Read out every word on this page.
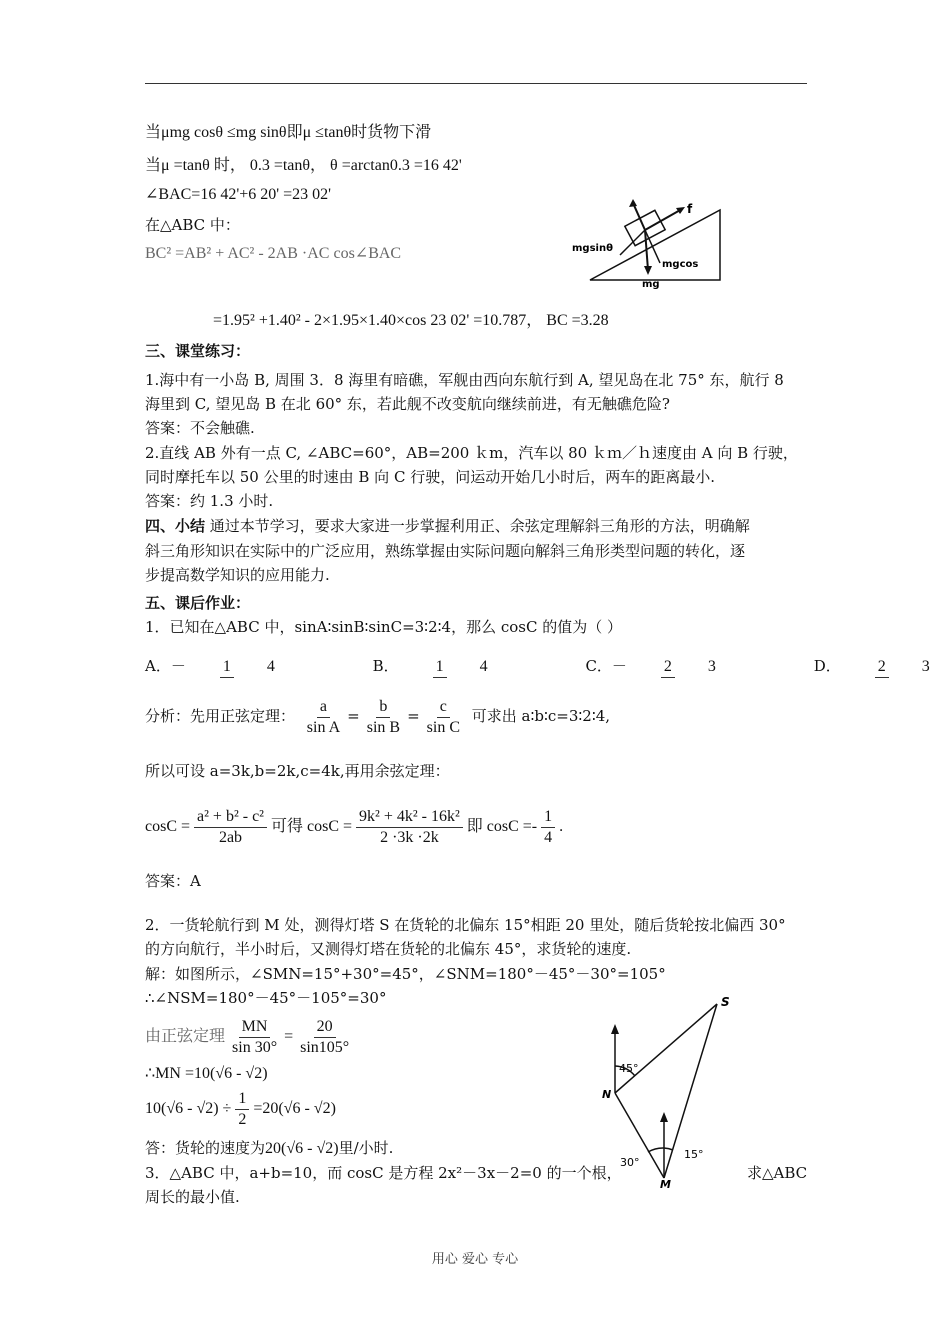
当μmg cosθ ≤mg sinθ即μ ≤tanθ时货物下滑
当μ =tanθ 时， 0.3 =tanθ， θ =arctan0.3 =16 42'
∠BAC=16 42'+6 20' =23 02'
在△ABC 中：
BC² =AB² + AC² - 2AB ·AC cos∠BAC
=1.95² +1.40² - 2×1.95×1.40×cos 23 02' =10.787， BC =3.28
f
mgsinθ
mgcos
mg
三、课堂练习：
1.海中有一小岛 B, 周围 3．8 海里有暗礁，军舰由西向东航行到 A, 望见岛在北 75° 东，航行 8
海里到 C, 望见岛 B 在北 60° 东，若此舰不改变航向继续前进，有无触礁危险?
答案：不会触礁.
2.直线 AB 外有一点 C, ∠ABC=60°，AB=200 ｋm，汽车以 80 ｋｍ／ｈ速度由 A 向 B 行驶，
同时摩托车以 50 公里的时速由 B 向 C 行驶，问运动开始几小时后，两车的距离最小.
答案：约 1.3 小时.
四、小结 通过本节学习，要求大家进一步掌握利用正、余弦定理解斜三角形的方法，明确解
斜三角形知识在实际中的广泛应用，熟练掌握由实际问题向解斜三角形类型问题的转化，逐
步提高数学知识的应用能力.
五、课后作业：
1．已知在△ABC 中，sinA∶sinB∶sinC=3∶2∶4，那么 cosC 的值为（ ）
A．－ 1 4	B． 1 4	C．－ 2 3	D． 2 3
分析：先用正弦定理： $\frac{a}{\text{sin A}} = \frac{b}{\text{sin B}} = \frac{c}{\text{sin C}}$ 可求出 a∶b∶c=3∶2∶4,
所以可设 a=3k,b=2k,c=4k,再用余弦定理：
$\cos C = \frac{\text{a² + b² - c²}}{2ab}$ 可得 $\cos C = \frac{\text{9k² + 4k² - 16k²}}{2 \cdot 3k \cdot 2k}$ 即 $\cos C =- \frac{1}{4}$ .
答案：A
2．一货轮航行到 M 处，测得灯塔 S 在货轮的北偏东 15°相距 20 里处，随后货轮按北偏西 30°
的方向航行，半小时后，又测得灯塔在货轮的北偏东 45°，求货轮的速度.
解：如图所示，∠SMN=15°+30°=45°，∠SNM=180°－45°－30°=105°
∴∠NSM=180°－45°－105°=30°
由正弦定理 $\frac{MN}{\sin 30^\circ} = \frac{20}{\sin 105^\circ}$
∴MN =10(√6 - √2)
$10(√6 - √2) \div \frac{1}{2} =20(√6 - √2)$
答：货轮的速度为20(√6 - √2)里/小时.
3．△ABC 中，a+b=10，而 cosC 是方程 2x²－3x－2=0 的一个根，	求△ABC
周长的最小值.
S
N
M
45°
30°
15°
用心 爱心 专心
